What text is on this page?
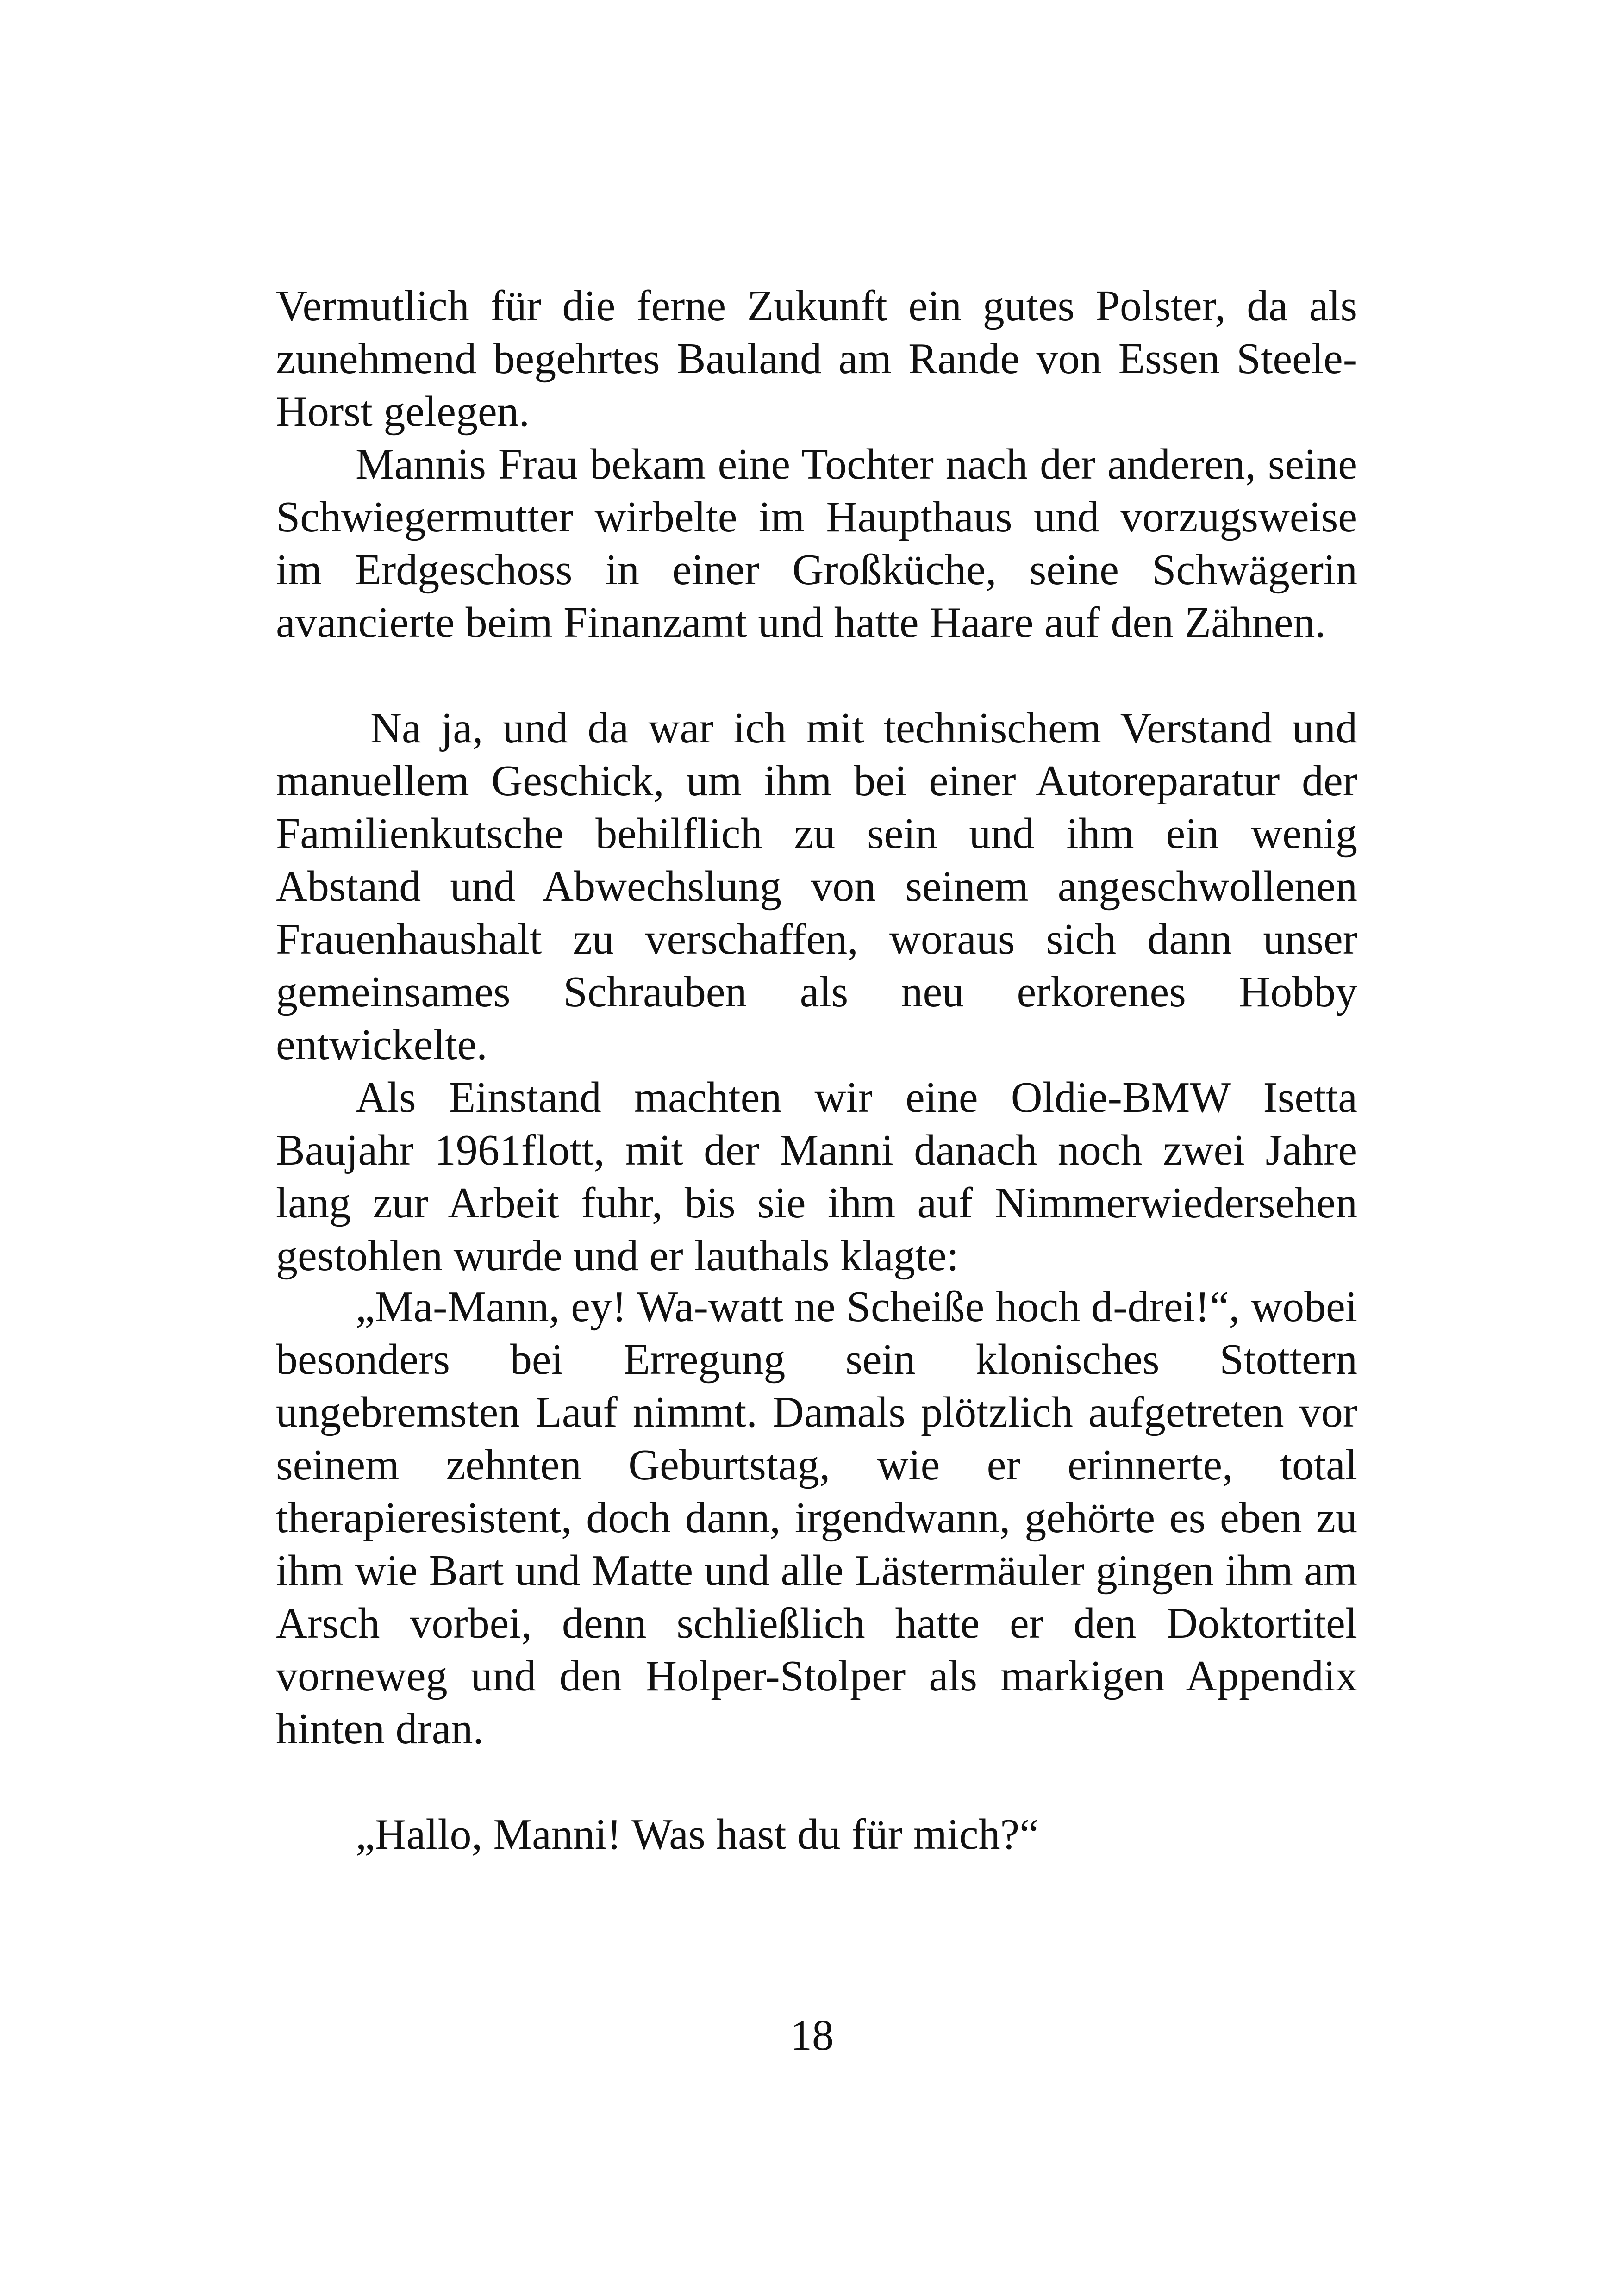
Vermutlich für die ferne Zukunft ein gutes Polster, da als zunehmend begehrtes Bauland am Rande von Essen Steele-Horst gelegen.

Mannis Frau bekam eine Tochter nach der anderen, seine Schwiegermutter wirbelte im Haupthaus und vorzugsweise im Erdgeschoss in einer Großküche, seine Schwägerin avancierte beim Finanzamt und hatte Haare auf den Zähnen.

Na ja, und da war ich mit technischem Verstand und manuellem Geschick, um ihm bei einer Autoreparatur der Familienkutsche behilflich zu sein und ihm ein wenig Abstand und Abwechslung von seinem angeschwollenen Frauenhaushalt zu verschaffen, woraus sich dann unser gemeinsames Schrauben als neu erkorenes Hobby entwickelte.

Als Einstand machten wir eine Oldie-BMW Isetta Baujahr 1961flott, mit der Manni danach noch zwei Jahre lang zur Arbeit fuhr, bis sie ihm auf Nimmerwiedersehen gestohlen wurde und er lauthals klagte:

„Ma-Mann, ey! Wa-watt ne Scheiße hoch d-drei!“, wobei besonders bei Erregung sein klonisches Stottern ungebremsten Lauf nimmt. Damals plötzlich aufgetreten vor seinem zehnten Geburtstag, wie er erinnerte, total therapieresistent, doch dann, irgendwann, gehörte es eben zu ihm wie Bart und Matte und alle Lästermäuler gingen ihm am Arsch vorbei, denn schließlich hatte er den Doktortitel vorneweg und den Holper-Stolper als markigen Appendix hinten dran.

„Hallo, Manni! Was hast du für mich?“

18
